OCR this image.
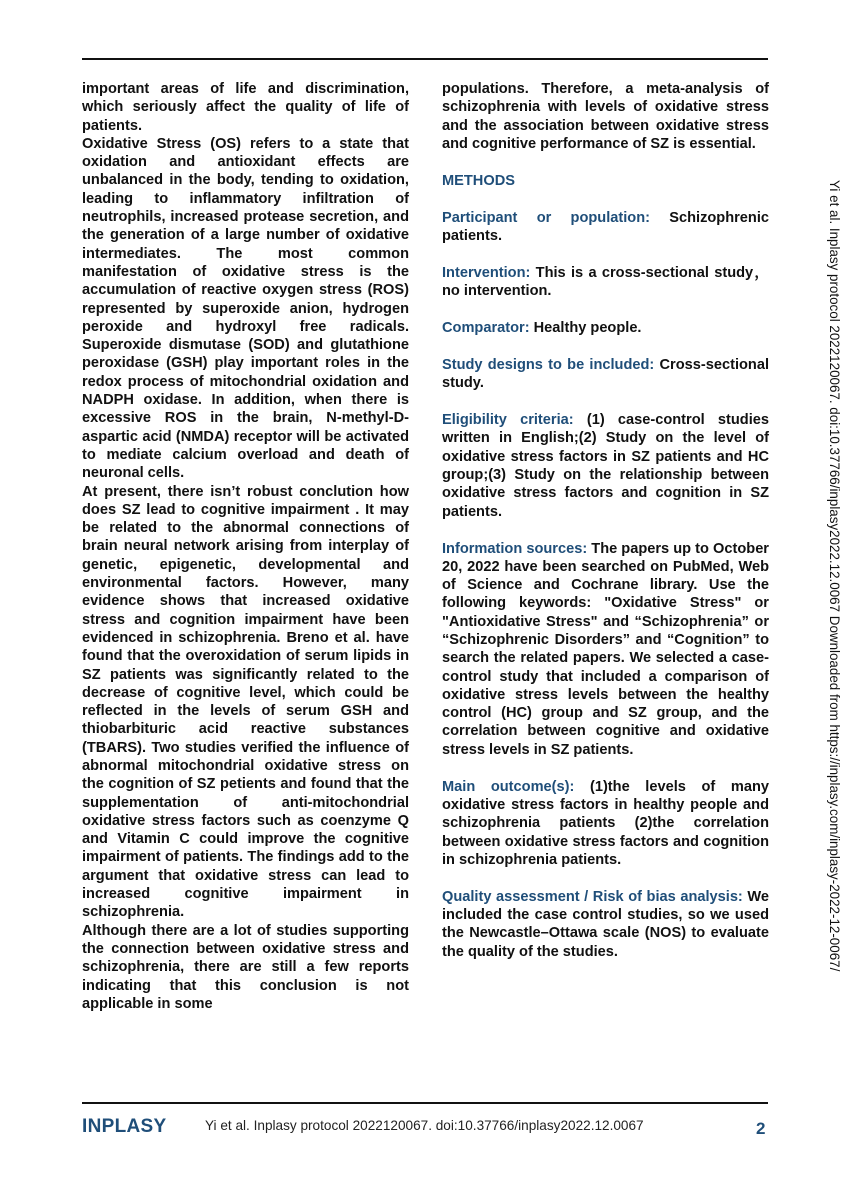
important areas of life and discrimination, which seriously affect the quality of life of patients.

Oxidative Stress (OS) refers to a state that oxidation and antioxidant effects are unbalanced in the body, tending to oxidation, leading to inflammatory infiltration of neutrophils, increased protease secretion, and the generation of a large number of oxidative intermediates. The most common manifestation of oxidative stress is the accumulation of reactive oxygen stress (ROS) represented by superoxide anion, hydrogen peroxide and hydroxyl free radicals. Superoxide dismutase (SOD) and glutathione peroxidase (GSH) play important roles in the redox process of mitochondrial oxidation and NADPH oxidase. In addition, when there is excessive ROS in the brain, N-methyl-D-aspartic acid (NMDA) receptor will be activated to mediate calcium overload and death of neuronal cells.

At present, there isn’t robust conclution how does SZ lead to cognitive impairment . It may be related to the abnormal connections of brain neural network arising from interplay of genetic, epigenetic, developmental and environmental factors. However, many evidence shows that increased oxidative stress and cognition impairment have been evidenced in schizophrenia. Breno et al. have found that the overoxidation of serum lipids in SZ patients was significantly related to the decrease of cognitive level, which could be reflected in the levels of serum GSH and thiobarbituric acid reactive substances (TBARS). Two studies verified the influence of abnormal mitochondrial oxidative stress on the cognition of SZ petients and found that the supplementation of anti-mitochondrial oxidative stress factors such as coenzyme Q and Vitamin C could improve the cognitive impairment of patients. The findings add to the argument that oxidative stress can lead to increased cognitive impairment in schizophrenia.

Although there are a lot of studies supporting the connection between oxidative stress and schizophrenia, there are still a few reports indicating that this conclusion is not applicable in some

populations. Therefore, a meta-analysis of schizophrenia with levels of oxidative stress and the association between oxidative stress and cognitive performance of SZ is essential.

METHODS

Participant or population: Schizophrenic patients.

Intervention: This is a cross-sectional study，no intervention.

Comparator: Healthy people.

Study designs to be included: Cross-sectional study.

Eligibility criteria: (1) case-control studies written in English;(2) Study on the level of oxidative stress factors in SZ patients and HC group;(3) Study on the relationship between oxidative stress factors and cognition in SZ patients.

Information sources: The papers up to October 20, 2022 have been searched on PubMed, Web of Science and Cochrane library. Use the following keywords: "Oxidative Stress" or "Antioxidative Stress" and “Schizophrenia” or “Schizophrenic Disorders” and “Cognition” to search the related papers. We selected a case-control study that included a comparison of oxidative stress levels between the healthy control (HC) group and SZ group, and the correlation between cognitive and oxidative stress levels in SZ patients.

Main outcome(s): (1)the levels of many oxidative stress factors in healthy people and schizophrenia patients (2)the correlation between oxidative stress factors and cognition in schizophrenia patients.

Quality assessment / Risk of bias analysis: We included the case control studies, so we used the Newcastle–Ottawa scale (NOS) to evaluate the quality of the studies.	Yi et al. Inplasy protocol 2022120067. doi:10.37766/inplasy2022.12.0067 Downloaded from https://inplasy.com/inplasy-2022-12-0067/
INPLASY	Yi et al. Inplasy protocol 2022120067. doi:10.37766/inplasy2022.12.0067	2
